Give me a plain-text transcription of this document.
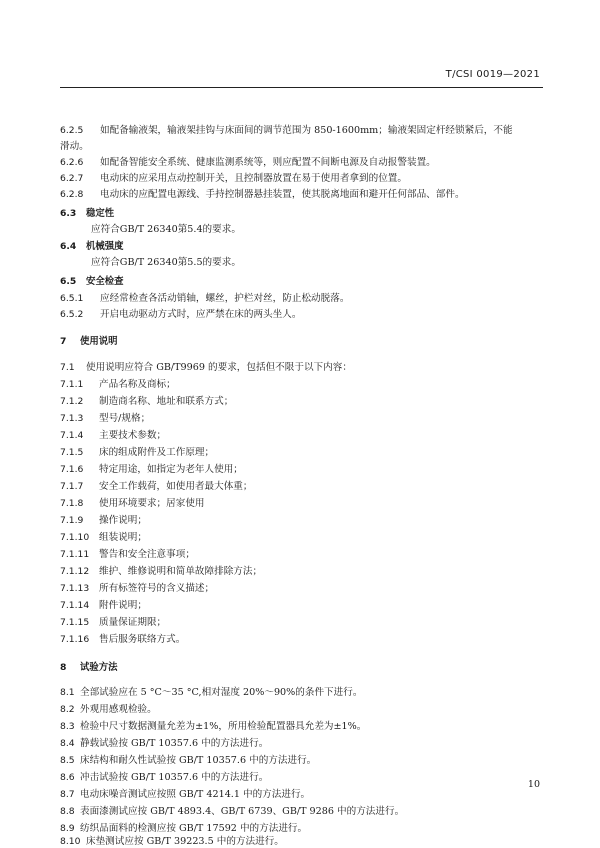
T/CSI 0019—2021
6.2.5 如配备输液架，输液架挂钩与床面间的调节范围为 850-1600mm；输液架固定杆经锁紧后，不能
滑动。
6.2.6 如配备智能安全系统、健康监测系统等，则应配置不间断电源及自动报警装置。
6.2.7 电动床的应采用点动控制开关，且控制器放置在易于使用者拿到的位置。
6.2.8 电动床的应配置电源线、手持控制器悬挂装置，使其脱离地面和避开任何部品、部件。
6.3 稳定性
应符合GB/T 26340第5.4的要求。
6.4 机械强度
应符合GB/T 26340第5.5的要求。
6.5 安全检查
6.5.1 应经常检查各活动销轴，螺丝，护栏对丝，防止松动脱落。
6.5.2 开启电动驱动方式时，应严禁在床的两头坐人。
7 使用说明
7.1 使用说明应符合 GB/T9969 的要求，包括但不限于以下内容：
7.1.1 产品名称及商标；
7.1.2 制造商名称、地址和联系方式；
7.1.3 型号/规格；
7.1.4 主要技术参数；
7.1.5 床的组成附件及工作原理；
7.1.6 特定用途，如指定为老年人使用；
7.1.7 安全工作载荷，如使用者最大体重；
7.1.8 使用环境要求；居家使用
7.1.9 操作说明；
7.1.10 组装说明；
7.1.11 警告和安全注意事项；
7.1.12 维护、维修说明和简单故障排除方法；
7.1.13 所有标签符号的含义描述；
7.1.14 附件说明；
7.1.15 质量保证期限；
7.1.16 售后服务联络方式。
8 试验方法
8.1 全部试验应在 5 °C～35 °C,相对湿度 20%～90%的条件下进行。
8.2 外观用感观检验。
8.3 检验中尺寸数据测量允差为±1%，所用检验配置器具允差为±1%。
8.4 静载试验按 GB/T 10357.6 中的方法进行。
8.5 床结构和耐久性试验按 GB/T 10357.6 中的方法进行。
8.6 冲击试验按 GB/T 10357.6 中的方法进行。
8.7 电动床噪音测试应按照 GB/T 4214.1 中的方法进行。
8.8 表面漆测试应按 GB/T 4893.4、GB/T 6739、GB/T 9286 中的方法进行。
8.9 纺织品面料的检测应按 GB/T 17592 中的方法进行。
8.10 床垫测试应按 GB/T 39223.5 中的方法进行。
10
